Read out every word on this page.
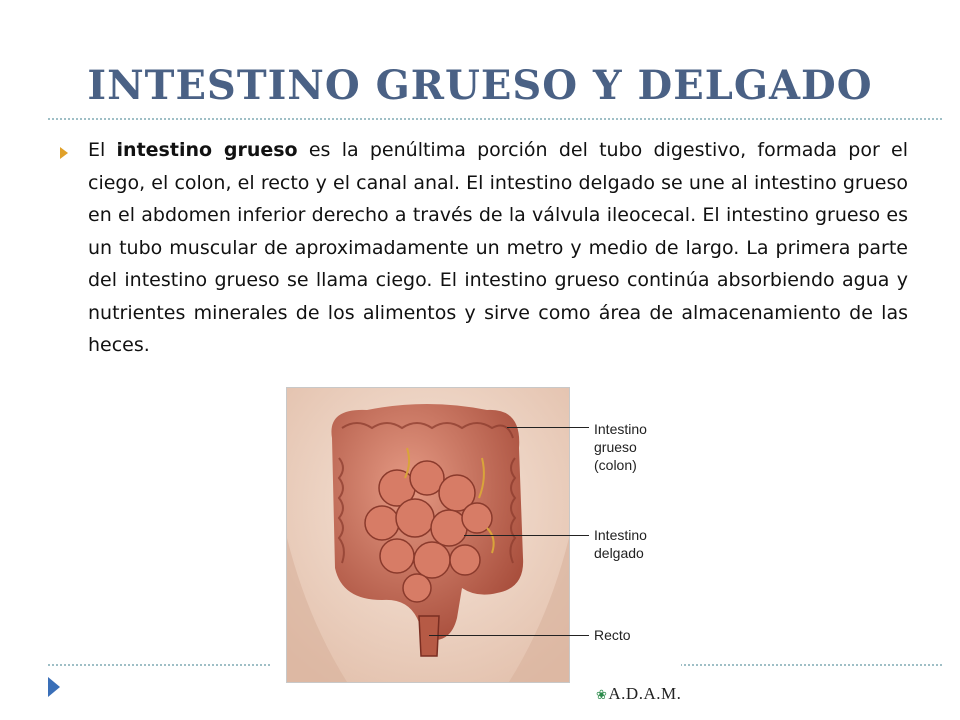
INTESTINO GRUESO Y DELGADO

El intestino grueso es la penúltima porción del tubo digestivo, formada por el ciego, el colon, el recto y el canal anal. El intestino delgado se une al intestino grueso en el abdomen inferior derecho a través de la válvula ileocecal. El intestino grueso es un tubo muscular de aproximadamente un metro y medio de largo. La primera parte del intestino grueso se llama ciego. El intestino grueso continúa absorbiendo agua y nutrientes minerales de los alimentos y sirve como área de almacenamiento de las heces.

Intestino grueso (colon)

Intestino delgado

Recto

❀A.D.A.M.
